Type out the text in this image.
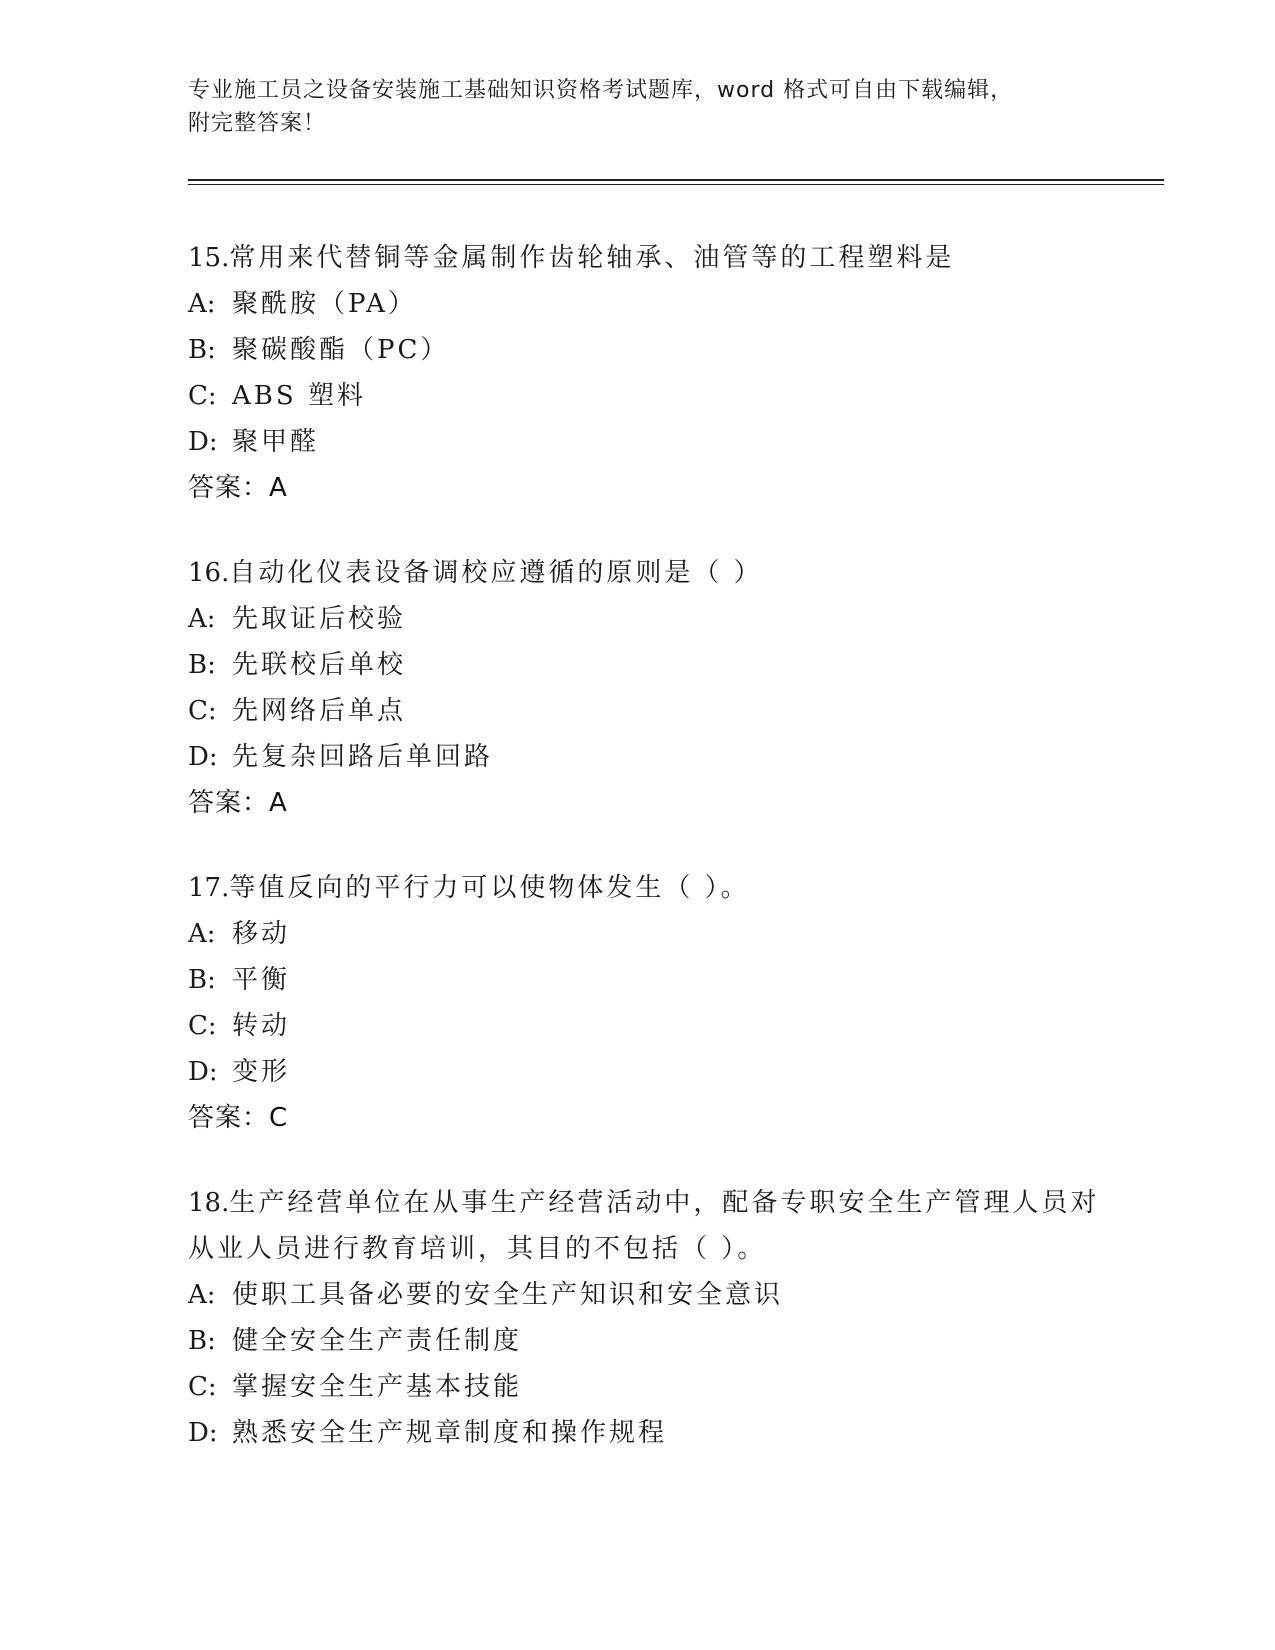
专业施工员之设备安装施工基础知识资格考试题库，word 格式可自由下载编辑，
附完整答案！
15.常用来代替铜等金属制作齿轮轴承、油管等的工程塑料是
A: 聚酰胺（PA）
B: 聚碳酸酯（PC）
C: ABS 塑料
D: 聚甲醛
答案：A
16.自动化仪表设备调校应遵循的原则是（ ）
A: 先取证后校验
B: 先联校后单校
C: 先网络后单点
D: 先复杂回路后单回路
答案：A
17.等值反向的平行力可以使物体发生（ ）。
A: 移动
B: 平衡
C: 转动
D: 变形
答案：C
18.生产经营单位在从事生产经营活动中，配备专职安全生产管理人员对从业人员进行教育培训，其目的不包括（ ）。
A: 使职工具备必要的安全生产知识和安全意识
B: 健全安全生产责任制度
C: 掌握安全生产基本技能
D: 熟悉安全生产规章制度和操作规程
